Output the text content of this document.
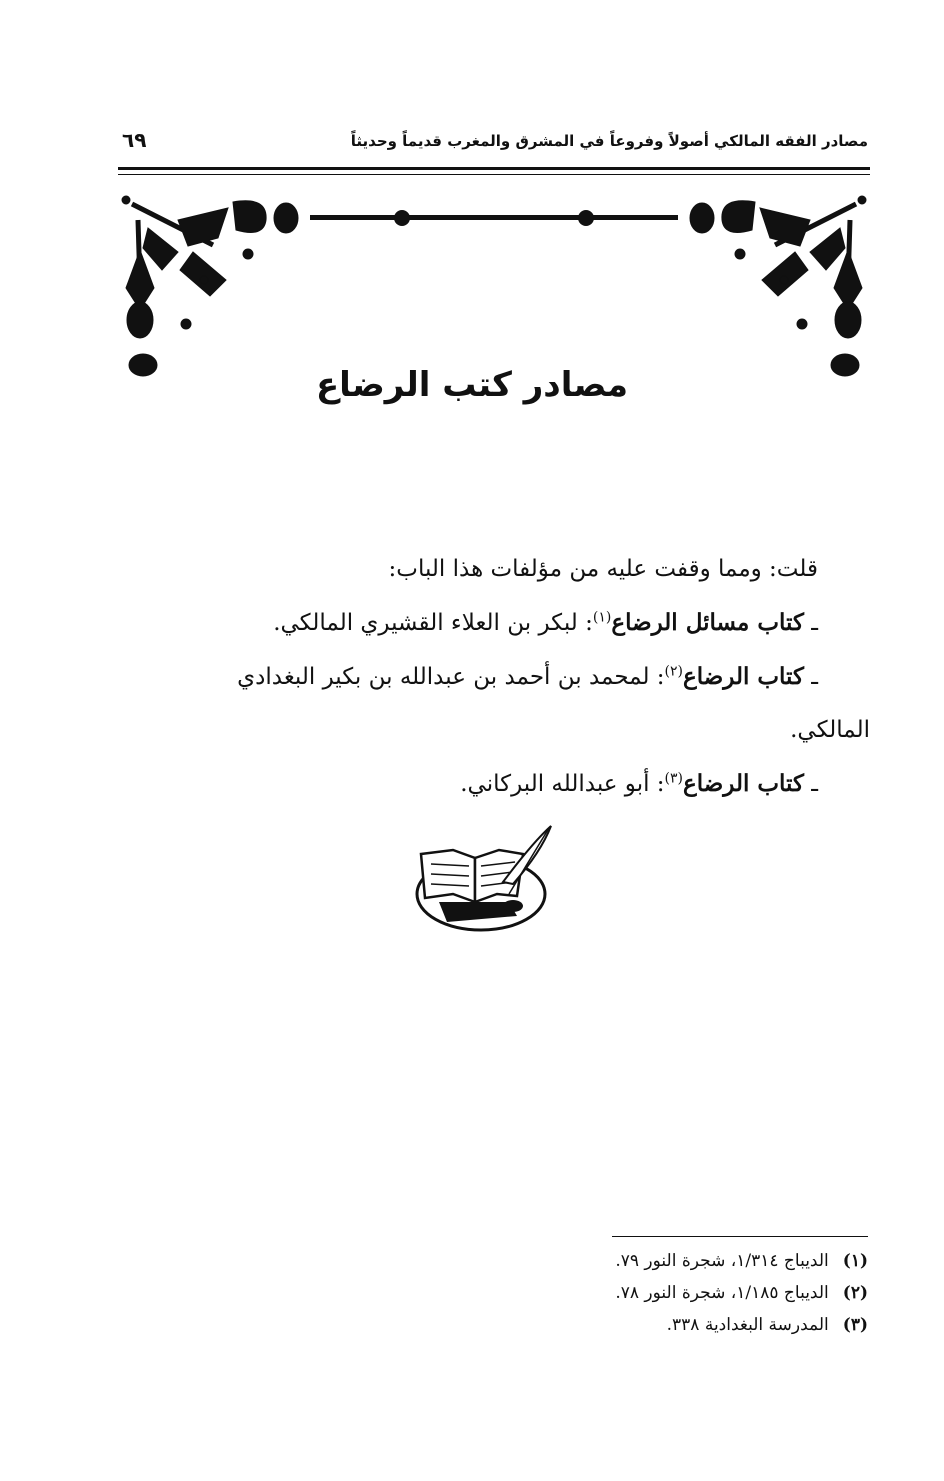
مصادر الفقه المالكي أصولاً وفروعاً في المشرق والمغرب قديماً وحديثاً
٦٩
مصادر كتب الرضاع

قلت: ومما وقفت عليه من مؤلفات هذا الباب:

ـ كتاب مسائل الرضاع$^{(١)}$: لبكر بن العلاء القشيري المالكي.

ـ كتاب الرضاع$^{(٢)}$: لمحمد بن أحمد بن عبدالله بن بكير البغدادي

المالكي.

ـ كتاب الرضاع$^{(٣)}$: أبو عبدالله البركاني.

(١)الديباج ١/٣١٤، شجرة النور ٧٩.

(٢)الديباج ١/١٨٥، شجرة النور ٧٨.

(٣)المدرسة البغدادية ٣٣٨.
